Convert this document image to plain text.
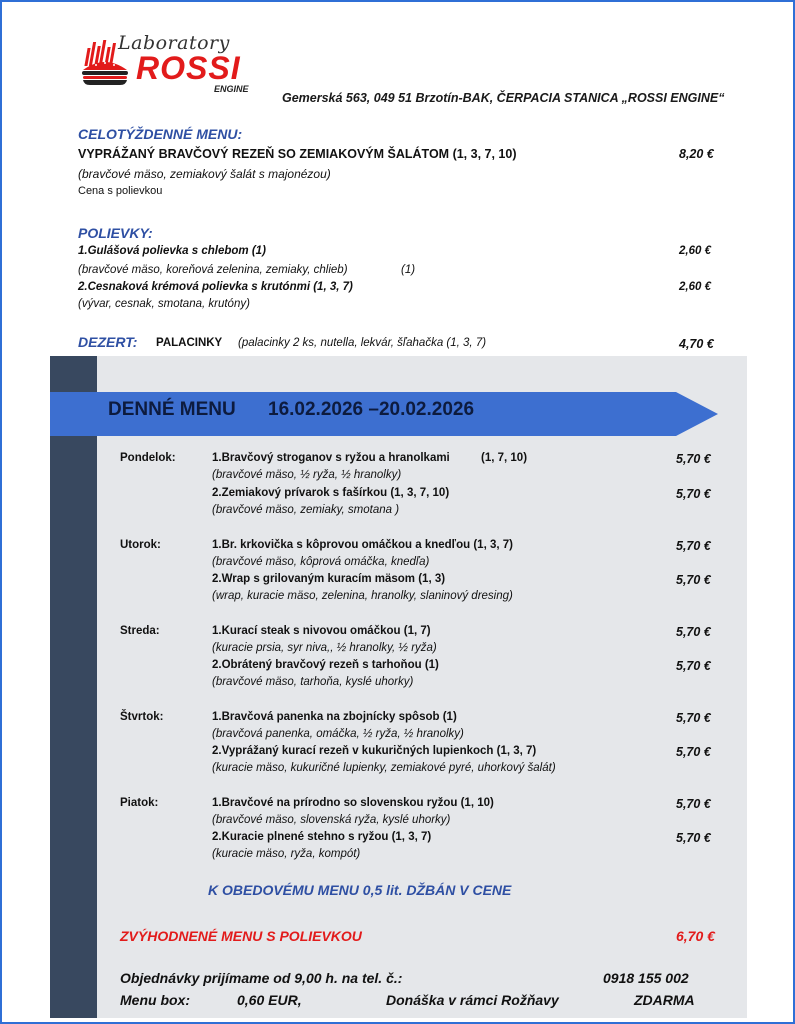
Laboratory
ROSSI
ENGINE
Gemerská 563, 049 51 Brzotín-BAK, ČERPACIA STANICA „ROSSI ENGINE“
CELOTÝŽDENNÉ MENU:
VYPRÁŽANÝ BRAVČOVÝ REZEŇ SO ZEMIAKOVÝM ŠALÁTOM (1, 3, 7, 10)	8,20 €
(bravčové mäso, zemiakový šalát s majonézou)
Cena s polievkou
POLIEVKY:
1.Gulášová polievka s chlebom (1)	2,60 €
(bravčové mäso, koreňová zelenina, zemiaky, chlieb)	(1)
2.Cesnaková krémová polievka s krutónmi (1, 3, 7)	2,60 €
(vývar, cesnak, smotana, krutóny)
DEZERT: PALACINKY (palacinky 2 ks, nutella, lekvár, šľahačka (1, 3, 7)	4,70 €
DENNÉ MENU 16.02.2026 –20.02.2026
Pondelok:	1.Bravčový stroganov s ryžou a hranolkami	(1, 7, 10)	5,70 €
(bravčové mäso, ½ ryža, ½ hranolky)
2.Zemiakový prívarok s fašírkou (1, 3, 7, 10)	5,70 €
(bravčové mäso, zemiaky, smotana )
Utorok:	1.Br. krkovička s kôprovou omáčkou a knedľou (1, 3, 7)	5,70 €
(bravčové mäso, kôprová omáčka, knedľa)
2.Wrap s grilovaným kuracím mäsom (1, 3)	5,70 €
(wrap, kuracie mäso, zelenina, hranolky, slaninový dresing)
Streda:	1.Kurací steak s nivovou omáčkou (1, 7)	5,70 €
(kuracie prsia, syr niva,, ½ hranolky, ½ ryža)
2.Obrátený bravčový rezeň s tarhoňou (1)	5,70 €
(bravčové mäso, tarhoňa, kyslé uhorky)
Štvrtok:	1.Bravčová panenka na zbojnícky spôsob (1)	5,70 €
(bravčová panenka, omáčka, ½ ryža, ½ hranolky)
2.Vyprážaný kurací rezeň v kukuričných lupienkoch (1, 3, 7)	5,70 €
(kuracie mäso, kukuričné lupienky, zemiakové pyré, uhorkový šalát)
Piatok:	1.Bravčové na prírodno so slovenskou ryžou (1, 10)	5,70 €
(bravčové mäso, slovenská ryža, kyslé uhorky)
2.Kuracie plnené stehno s ryžou (1, 3, 7)	5,70 €
(kuracie mäso, ryža, kompót)
K OBEDOVÉMU MENU 0,5 lit. DŽBÁN V CENE
ZVÝHODNENÉ MENU S POLIEVKOU	6,70 €
Objednávky prijímame od 9,00 h. na tel. č.:	0918 155 002
Menu box:	0,60 EUR,	Donáška v rámci Rožňavy	ZDARMA
